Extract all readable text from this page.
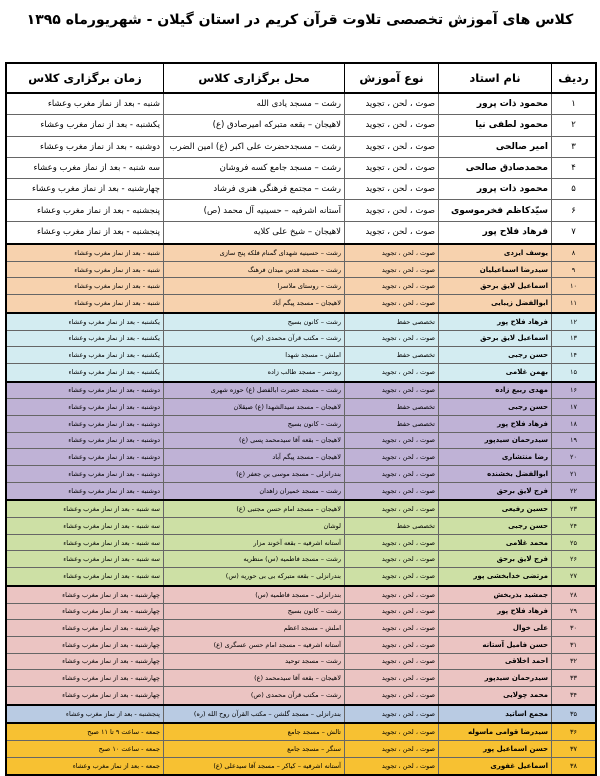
کلاس های آموزش تخصصی تلاوت قرآن کریم در استان گیلان - شهریورماه ۱۳۹۵
ردیف
نام استاد
نوع آموزش
محل برگزاری کلاس
زمان برگزاری کلاس
۱
محمود ذات پرور
صوت ، لحن ، تجوید
رشت – مسجد یادی الله
شنبه - بعد از نماز مغرب وعشاء
۲
محمود لطفی نیا
صوت ، لحن ، تجوید
لاهیجان – بقعه متبرکه امیرصادق (ع)
یکشنبه - بعد از نماز مغرب وعشاء
۳
امیر صالحی
صوت ، لحن ، تجوید
رشت – مسجدحضرت علی اکبر (ع) امین الضرب
دوشنبه - بعد از نماز مغرب وعشاء
۴
محمدصادق صالحی
صوت ، لحن ، تجوید
رشت – مسجد جامع کسه فروشان
سه شنبه - بعد از نماز مغرب وعشاء
۵
محمود ذات پرور
صوت ، لحن ، تجوید
رشت – مجتمع فرهنگی هنری فرشاد
چهارشنبه - بعد از نماز مغرب وعشاء
۶
سیّدکاظم فخرموسوی
صوت ، لحن ، تجوید
آستانه اشرفیه – حسینیه آل محمد (ص)
پنجشنبه - بعد از نماز مغرب وعشاء
۷
فرهاد فلاح پور
صوت ، لحن ، تجوید
لاهیجان – شیخ علی کلایه
پنجشنبه - بعد از نماز مغرب وعشاء
۸
یوسف ایزدی
صوت ، لحن ، تجوید
رشت – حسینیه شهدای گمنام فلکه پنج سازی
شنبه - بعد از نماز مغرب وعشاء
۹
سیدرضا اسماعیلیان
صوت ، لحن ، تجوید
رشت – مسجد قدس میدان فرهنگ
شنبه - بعد از نماز مغرب وعشاء
۱۰
اسماعیل لایق برحق
صوت ، لحن ، تجوید
رشت – روستای ملاسرا
شنبه - بعد از نماز مغرب وعشاء
۱۱
ابوالفضل زیبایی
صوت ، لحن ، تجوید
لاهیجان – مسجد پیگم آباد
شنبه - بعد از نماز مغرب وعشاء
۱۲
فرهاد فلاح پور
تخصصی حفظ
رشت – کانون بسیج
یکشنبه - بعد از نماز مغرب وعشاء
۱۳
اسماعیل لایق برحق
صوت ، لحن ، تجوید
رشت – مکتب قرآن محمدی (ص)
یکشنبه - بعد از نماز مغرب وعشاء
۱۴
حسن رجبی
تخصصی حفظ
املش – مسجد شهدا
یکشنبه - بعد از نماز مغرب وعشاء
۱۵
بهمن غلامی
صوت ، لحن ، تجوید
رودسر – مسجد طالب زاده
یکشنبه - بعد از نماز مغرب وعشاء
۱۶
مهدی ربیع زاده
صوت ، لحن ، تجوید
رشت – مسجد حضرت ابالفضل (ع) حوزه شهری
دوشنبه - بعد از نماز مغرب وعشاء
۱۷
حسن رجبی
تخصصی حفظ
لاهیجان – مسجد سیدالشهدا (ع) صیقلان
دوشنبه - بعد از نماز مغرب وعشاء
۱۸
فرهاد فلاح پور
تخصصی حفظ
رشت – کانون بسیج
دوشنبه - بعد از نماز مغرب وعشاء
۱۹
سیدرحمان سیدپور
صوت ، لحن ، تجوید
لاهیجان – بقعه آقا سیدمحمد پسی (ع)
دوشنبه - بعد از نماز مغرب وعشاء
۲۰
رضا منتشاری
صوت ، لحن ، تجوید
لاهیجان – مسجد پیگم آباد
دوشنبه - بعد از نماز مغرب وعشاء
۲۱
ابوالفضل بخشنده
صوت ، لحن ، تجوید
بندرانزلی – مسجد موسی بن جعفر (ع)
دوشنبه - بعد از نماز مغرب وعشاء
۲۲
فرج لایق برحق
صوت ، لحن ، تجوید
رشت – مسجد خمیران زاهدان
دوشنبه - بعد از نماز مغرب وعشاء
۲۳
حسین رفیعی
صوت ، لحن ، تجوید
لاهیجان – مسجد امام حسن مجتبی (ع)
سه شنبه - بعد از نماز مغرب وعشاء
۲۴
حسن رجبی
تخصصی حفظ
لوشان
سه شنبه - بعد از نماز مغرب وعشاء
۲۵
محمد غلامی
صوت ، لحن ، تجوید
آستانه اشرفیه – بقعه آخوند مزار
سه شنبه - بعد از نماز مغرب وعشاء
۲۶
فرج لایق برحق
صوت ، لحن ، تجوید
رشت – مسجد فاطمیه (س) منظریه
سه شنبه - بعد از نماز مغرب وعشاء
۲۷
مرتضی خدابخشی پور
صوت ، لحن ، تجوید
بندرانزلی – بقعه متبرکه بی بی حوریه (س)
سه شنبه - بعد از نماز مغرب وعشاء
۲۸
جمشید بذربخش
صوت ، لحن ، تجوید
بندرانزلی – مسجد فاطمیه (س)
چهارشنبه - بعد از نماز مغرب وعشاء
۲۹
فرهاد فلاح پور
صوت ، لحن ، تجوید
رشت – کانون بسیج
چهارشنبه - بعد از نماز مغرب وعشاء
۳۰
علی خوال
صوت ، لحن ، تجوید
املش – مسجد اعظم
چهارشنبه - بعد از نماز مغرب وعشاء
۳۱
حسن فامیل آستانه
صوت ، لحن ، تجوید
آستانه اشرفیه – مسجد امام حسن عسگری (ع)
چهارشنبه - بعد از نماز مغرب وعشاء
۳۲
احمد اخلاقی
صوت ، لحن ، تجوید
رشت – مسجد توحید
چهارشنبه - بعد از نماز مغرب وعشاء
۳۳
سیدرحمان سیدپور
صوت ، لحن ، تجوید
لاهیجان – بقعه آقا سیدمحمد (ع)
چهارشنبه - بعد از نماز مغرب وعشاء
۳۴
محمد چولایی
صوت ، لحن ، تجوید
رشت – مکتب قرآن محمدی (ص)
چهارشنبه - بعد از نماز مغرب وعشاء
۳۵
مجمع اساتید
صوت ، لحن ، تجوید
بندرانزلی – مسجد گلشن – مکتب القرآن روح الله (ره)
پنجشنبه - بعد از نماز مغرب وعشاء
۳۶
سیدرضا قوامی ماسوله
صوت ، لحن ، تجوید
تالش – مسجد جامع
جمعه - ساعت ۹ تا ۱۱ صبح
۳۷
حسن اسماعیل پور
صوت ، لحن ، تجوید
سنگر – مسجد جامع
جمعه - ساعت ۱۰ صبح
۳۸
اسماعیل غفوری
صوت ، لحن ، تجوید
آستانه اشرفیه – کیاکر – مسجد آقا سیدعلی (ع)
جمعه - بعد از نماز مغرب وعشاء
